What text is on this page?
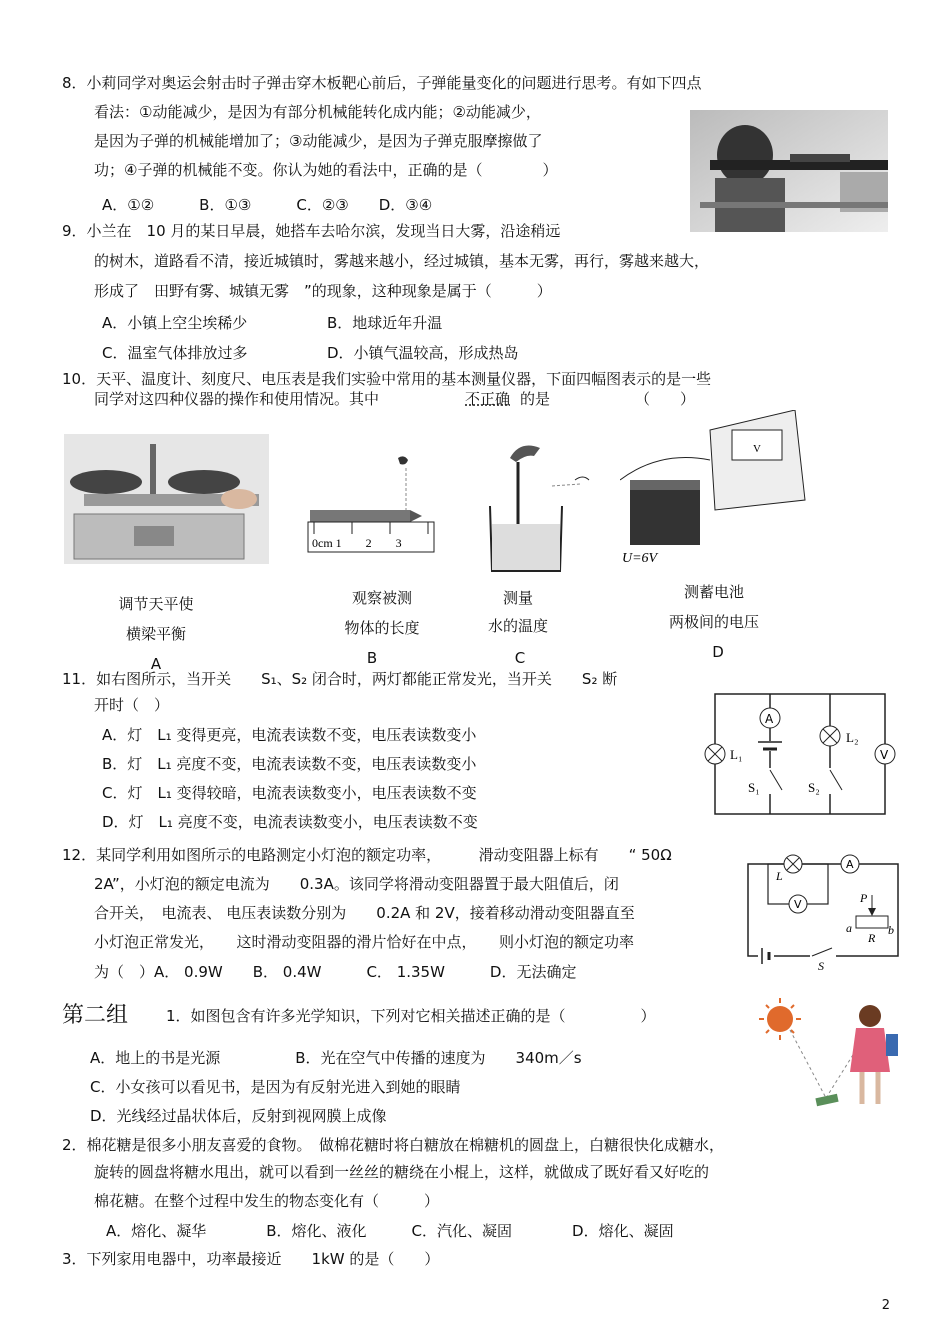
8．小莉同学对奥运会射击时子弹击穿木板靶心前后，子弹能量变化的问题进行思考。有如下四点
看法：①动能减少，是因为有部分机械能转化成内能；②动能减少，
是因为子弹的机械能增加了；③动能减少，是因为子弹克服摩擦做了
功；④子弹的机械能不变。你认为她的看法中，正确的是（　　　　）
A．①②　　　B．①③　　　C．②③　　D．③④
9．小兰在　10 月的某日早晨，她搭车去哈尔滨，发现当日大雾，沿途稍远
的树木，道路看不清，接近城镇时，雾越来越小，经过城镇，基本无雾，再行，雾越来越大，
形成了　田野有雾、城镇无雾　”的现象，这种现象是属于（　　　）
A．小镇上空尘埃稀少	B．地球近年升温
C．温室气体排放过多	D．小镇气温较高，形成热岛
10．天平、温度计、刻度尺、电压表是我们实验中常用的基本测量仪器，下面四幅图表示的是一些
同学对这四种仪器的操作和使用情况。其中	不正确 的是	（　　）
调节天平使
横梁平衡
A
0cm 1　　2　　3
观察被测
物体的长度
B
测量
水的温度
C
V
U=6V
测蓄电池
两极间的电压
D
11．如右图所示，当开关　　S₁、S₂ 闭合时，两灯都能正常发光，当开关　　S₂ 断
开时（　）
A．灯　L₁ 变得更亮，电流表读数不变，电压表读数变小
B．灯　L₁ 亮度不变，电流表读数不变，电压表读数变小
C．灯　L₁ 变得较暗，电流表读数变小，电压表读数不变
D．灯　L₁ 亮度不变，电流表读数变小，电压表读数不变
A
L₁
L₂
V
S₁	S₂
12．某同学利用如图所示的电路测定小灯泡的额定功率，　　　滑动变阻器上标有　　“ 50Ω
2A”，小灯泡的额定电流为　　0.3A。该同学将滑动变阻器置于最大阻值后，闭
合开关，　电流表、 电压表读数分别为　　0.2A 和 2V，接着移动滑动变阻器直至
小灯泡正常发光，　　这时滑动变阻器的滑片恰好在中点，　　则小灯泡的额定功率
为（　）A． 0.9W　　B． 0.4W　　　C． 1.35W　　　D．无法确定
L
A
V	P
a	b
R
S
第二组	1．如图包含有许多光学知识，下列对它相关描述正确的是（　　　　　）
A．地上的书是光源　　　　　B．光在空气中传播的速度为　　340m／s
C．小女孩可以看见书，是因为有反射光进入到她的眼睛
D．光线经过晶状体后，反射到视网膜上成像
2．棉花糖是很多小朋友喜爱的食物。　做棉花糖时将白糖放在棉糖机的圆盘上，白糖很快化成糖水，
旋转的圆盘将糖水甩出，就可以看到一丝丝的糖绕在小棍上，这样，就做成了既好看又好吃的
棉花糖。在整个过程中发生的物态变化有（　　　）
A．熔化、凝华　　　　B．熔化、液化　　　C．汽化、凝固　　　　D．熔化、凝固
3．下列家用电器中，功率最接近　　1kW 的是（　　）
2
